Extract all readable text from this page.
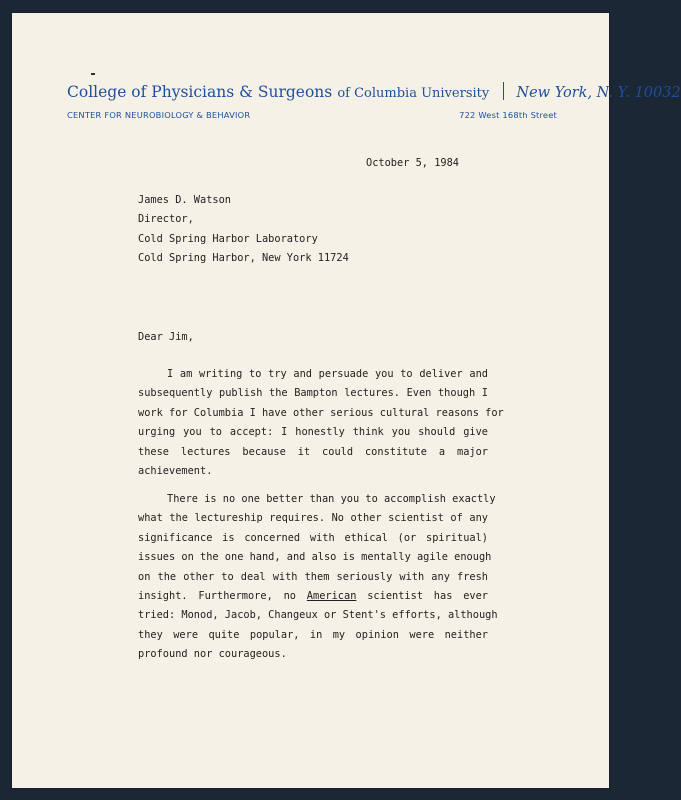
College of Physicians & Surgeons of Columbia University New York, N. Y. 10032
CENTER FOR NEUROBIOLOGY & BEHAVIOR	722 West 168th Street
October 5, 1984
James D. Watson
Director,
Cold Spring Harbor Laboratory
Cold Spring Harbor, New York 11724
Dear Jim,
I am writing to try and persuade you to deliver and
subsequently publish the Bampton lectures. Even though I
work for Columbia I have other serious cultural reasons for
urging you to accept: I honestly think you should give
these lectures because it could constitute a major
achievement.
There is no one better than you to accomplish exactly
what the lectureship requires. No other scientist of any
significance is concerned with ethical (or spiritual)
issues on the one hand, and also is mentally agile enough
on the other to deal with them seriously with any fresh
insight. Furthermore, no American scientist has ever
tried: Monod, Jacob, Changeux or Stent's efforts, although
they were quite popular, in my opinion were neither
profound nor courageous.
